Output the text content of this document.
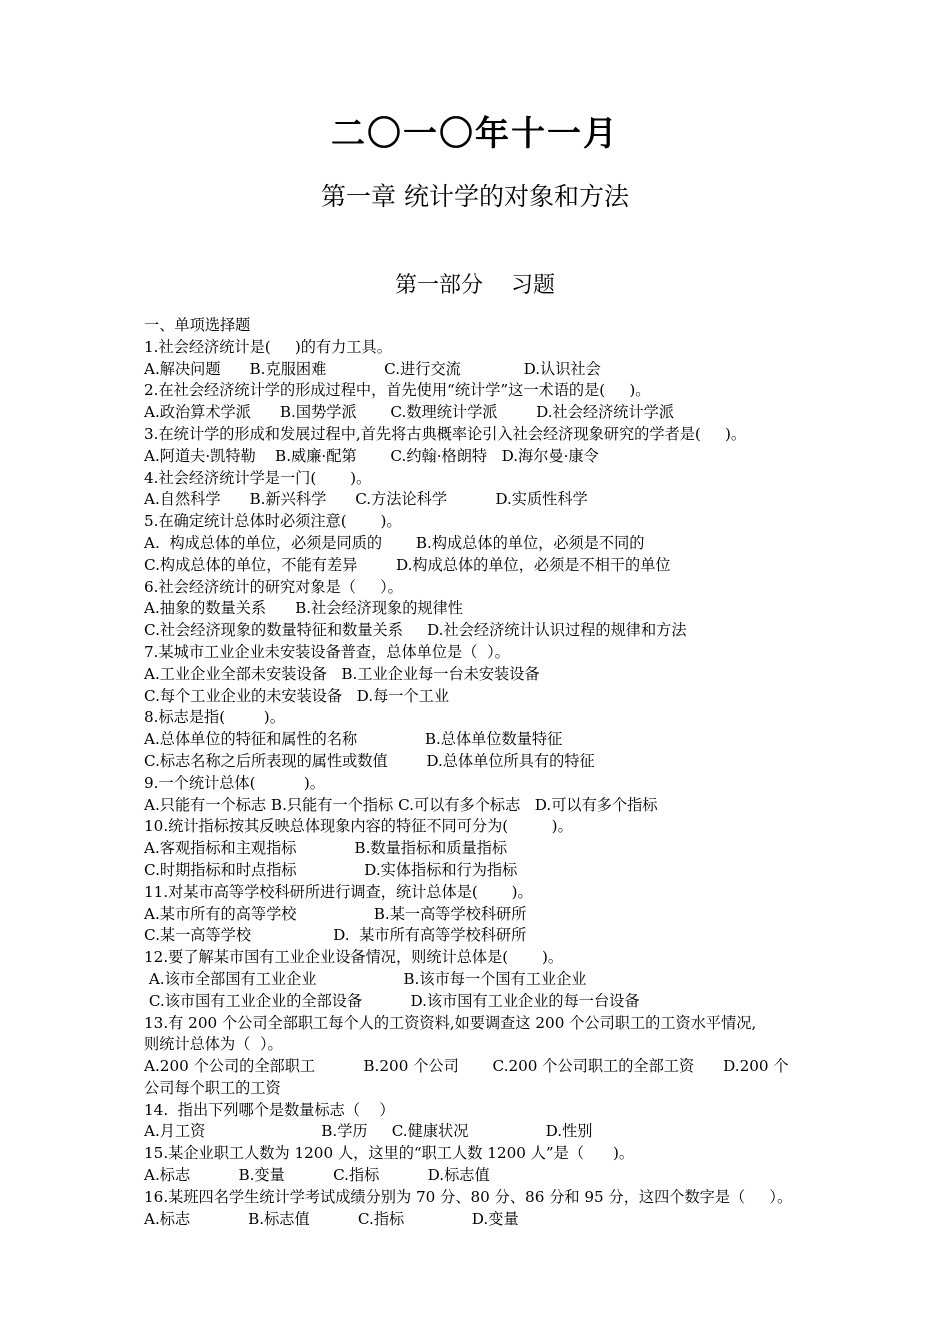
二〇一〇年十一月
第一章 统计学的对象和方法
第一部分    习题
一、单项选择题
1.社会经济统计是(     )的有力工具。
A.解决问题      B.克服困难            C.进行交流             D.认识社会
2.在社会经济统计学的形成过程中，首先使用“统计学”这一术语的是(     )。
A.政治算术学派      B.国势学派       C.数理统计学派        D.社会经济统计学派
3.在统计学的形成和发展过程中,首先将古典概率论引入社会经济现象研究的学者是(     )。
A.阿道夫·凯特勒    B.威廉·配第       C.约翰·格朗特   D.海尔曼·康令
4.社会经济统计学是一门(       )。
A.自然科学      B.新兴科学      C.方法论科学          D.实质性科学
5.在确定统计总体时必须注意(       )。
A.  构成总体的单位，必须是同质的       B.构成总体的单位，必须是不同的
C.构成总体的单位，不能有差异        D.构成总体的单位，必须是不相干的单位
6.社会经济统计的研究对象是（     ）。
A.抽象的数量关系      B.社会经济现象的规律性
C.社会经济现象的数量特征和数量关系     D.社会经济统计认识过程的规律和方法
7.某城市工业企业未安装设备普查，总体单位是（  ）。
A.工业企业全部未安装设备   B.工业企业每一台未安装设备
C.每个工业企业的未安装设备   D.每一个工业
8.标志是指(        )。
A.总体单位的特征和属性的名称              B.总体单位数量特征
C.标志名称之后所表现的属性或数值        D.总体单位所具有的特征
9.一个统计总体(          )。
A.只能有一个标志 B.只能有一个指标 C.可以有多个标志   D.可以有多个指标
10.统计指标按其反映总体现象内容的特征不同可分为(         )。
A.客观指标和主观指标            B.数量指标和质量指标
C.时期指标和时点指标              D.实体指标和行为指标
11.对某市高等学校科研所进行调查，统计总体是(       )。
A.某市所有的高等学校                B.某一高等学校科研所
C.某一高等学校                 D.  某市所有高等学校科研所
12.要了解某市国有工业企业设备情况，则统计总体是(       )。
A.该市全部国有工业企业                  B.该市每一个国有工业企业
C.该市国有工业企业的全部设备          D.该市国有工业企业的每一台设备
13.有 200 个公司全部职工每个人的工资资料,如要调查这 200 个公司职工的工资水平情况,
则统计总体为（  ）。
A.200 个公司的全部职工          B.200 个公司       C.200 个公司职工的全部工资      D.200 个
公司每个职工的工资
14.  指出下列哪个是数量标志（    ）
A.月工资                        B.学历     C.健康状况                D.性别
15.某企业职工人数为 1200 人，这里的“职工人数 1200 人”是（      )。
A.标志          B.变量          C.指标          D.标志值
16.某班四名学生统计学考试成绩分别为 70 分、80 分、86 分和 95 分，这四个数字是（     ）。
A.标志            B.标志值          C.指标              D.变量
